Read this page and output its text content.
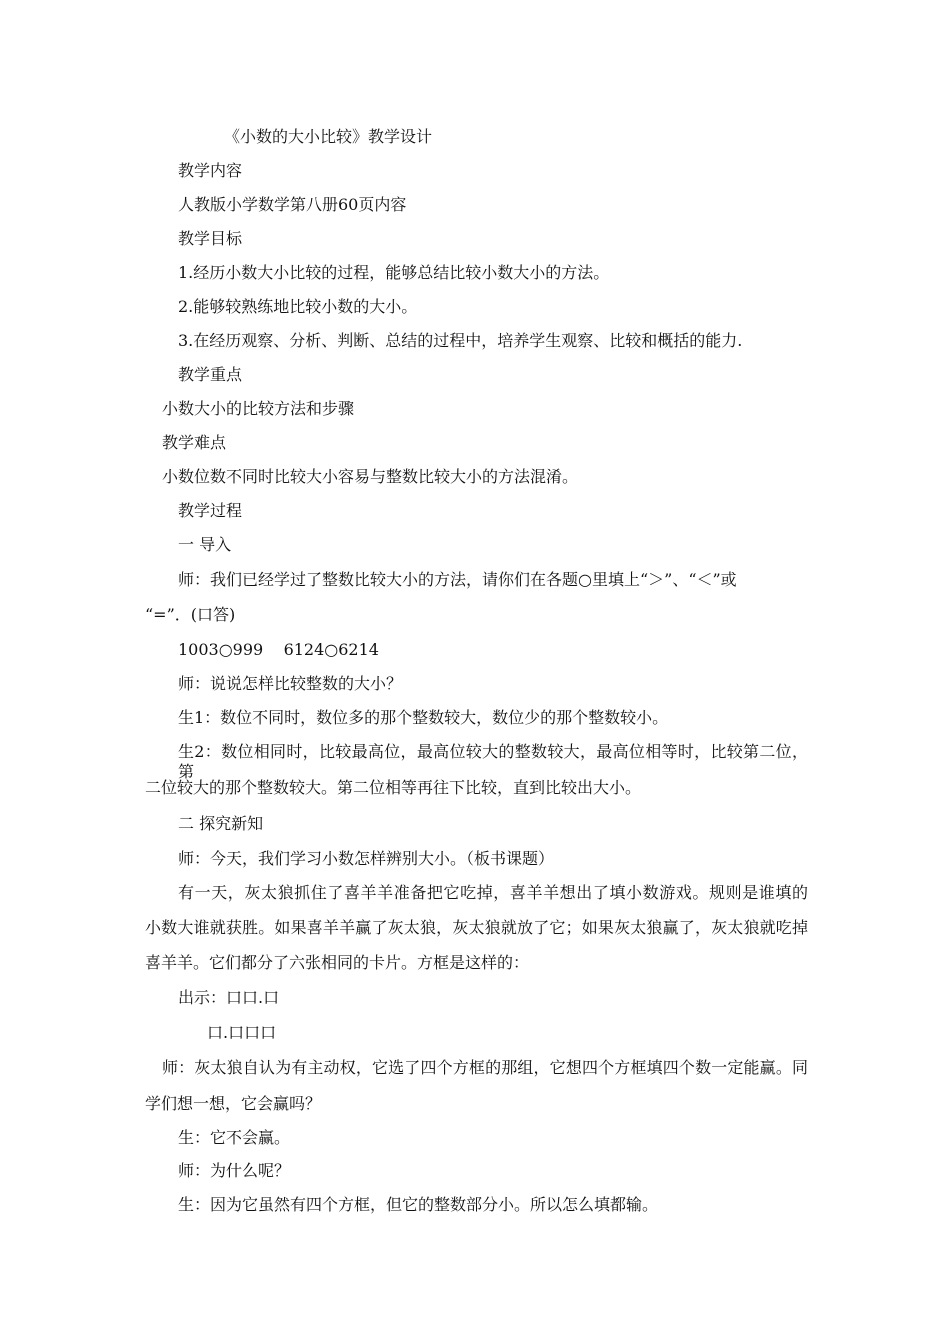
《小数的大小比较》教学设计
教学内容
人教版小学数学第八册60页内容
教学目标
1.经历小数大小比较的过程，能够总结比较小数大小的方法。
2.能够较熟练地比较小数的大小。
3.在经历观察、分析、判断、总结的过程中，培养学生观察、比较和概括的能力.
教学重点
小数大小的比较方法和步骤
教学难点
小数位数不同时比较大小容易与整数比较大小的方法混淆。
教学过程
一 导入
师：我们已经学过了整数比较大小的方法，请你们在各题○里填上“＞”、“＜”或
“=”．(口答)
1003○999    6124○6214
师：说说怎样比较整数的大小？
生1：数位不同时，数位多的那个整数较大，数位少的那个整数较小。
生2：数位相同时，比较最高位，最高位较大的整数较大，最高位相等时，比较第二位，第
二位较大的那个整数较大。第二位相等再往下比较，直到比较出大小。
二 探究新知
师：今天，我们学习小数怎样辨别大小。（板书课题）
有一天，灰太狼抓住了喜羊羊准备把它吃掉，喜羊羊想出了填小数游戏。规则是谁填的
小数大谁就获胜。如果喜羊羊赢了灰太狼，灰太狼就放了它；如果灰太狼赢了，灰太狼就吃掉
喜羊羊。它们都分了六张相同的卡片。方框是这样的：
出示：口口.口
口.口口口
师：灰太狼自认为有主动权，它选了四个方框的那组，它想四个方框填四个数一定能赢。同
学们想一想，它会赢吗？
生：它不会赢。
师：为什么呢？
生：因为它虽然有四个方框，但它的整数部分小。所以怎么填都输。
